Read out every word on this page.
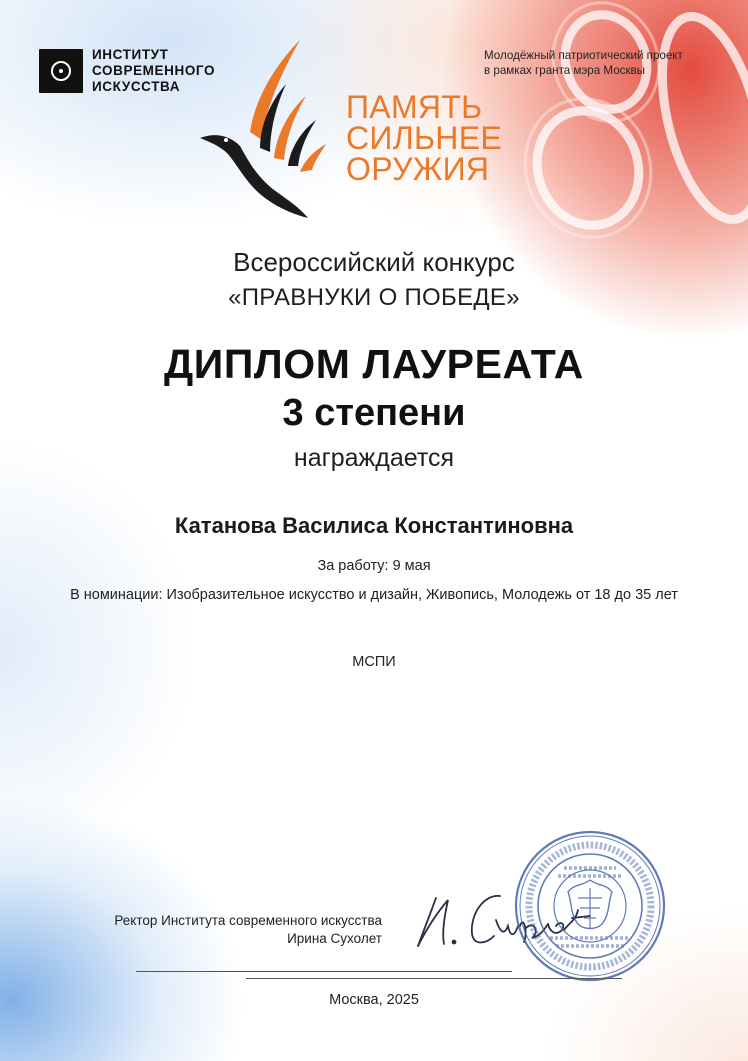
ИНСТИТУТ
СОВРЕМЕННОГО
ИСКУССТВА
Молодёжный патриотический проект
в рамках гранта мэра Москвы
ПАМЯТЬ
СИЛЬНЕЕ
ОРУЖИЯ
Всероссийский конкурс
«ПРАВНУКИ О ПОБЕДЕ»
ДИПЛОМ ЛАУРЕАТА
3 степени
награждается
Катанова Василиса Константиновна
За работу: 9 мая
В номинации: Изобразительное искусство и дизайн, Живопись, Молодежь от 18 до 35 лет
МСПИ
Ректор Института современного искусства
Ирина Сухолет
Москва, 2025
